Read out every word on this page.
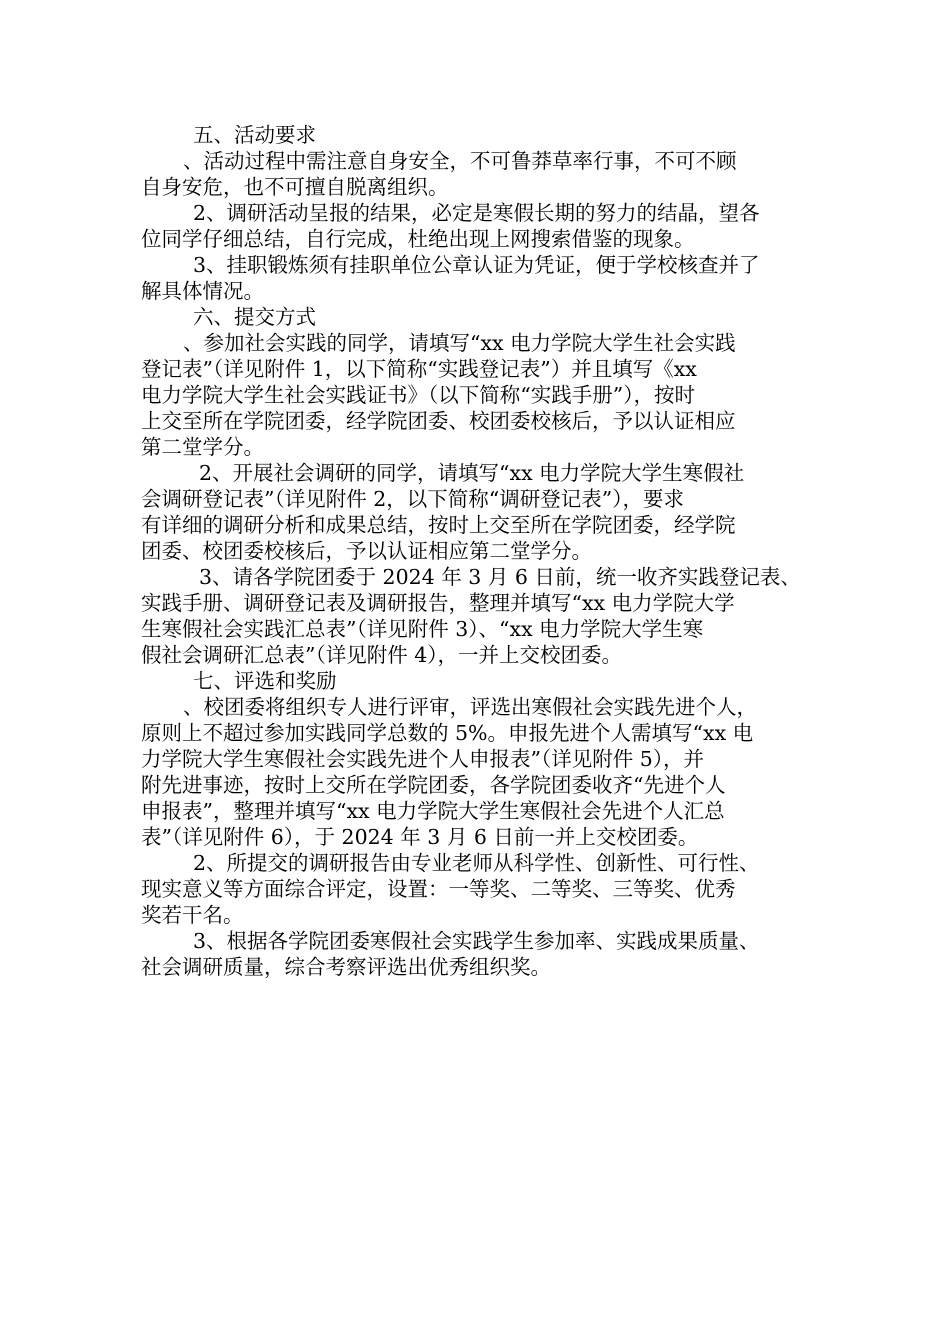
五、活动要求
、活动过程中需注意自身安全，不可鲁莽草率行事，不可不顾
自身安危，也不可擅自脱离组织。
2、调研活动呈报的结果，必定是寒假长期的努力的结晶，望各
位同学仔细总结，自行完成，杜绝出现上网搜索借鉴的现象。
3、挂职锻炼须有挂职单位公章认证为凭证，便于学校核查并了
解具体情况。
六、提交方式
、参加社会实践的同学，请填写“xx 电力学院大学生社会实践
登记表”（详见附件 1，以下简称“实践登记表”）并且填写《xx
电力学院大学生社会实践证书》（以下简称“实践手册”），按时
上交至所在学院团委，经学院团委、校团委校核后，予以认证相应
第二堂学分。
2、开展社会调研的同学，请填写“xx 电力学院大学生寒假社
会调研登记表”（详见附件 2，以下简称“调研登记表”），要求
有详细的调研分析和成果总结，按时上交至所在学院团委，经学院
团委、校团委校核后，予以认证相应第二堂学分。
3、请各学院团委于 2024 年 3 月 6 日前，统一收齐实践登记表、
实践手册、调研登记表及调研报告，整理并填写“xx 电力学院大学
生寒假社会实践汇总表”（详见附件 3）、“xx 电力学院大学生寒
假社会调研汇总表”（详见附件 4），一并上交校团委。
七、评选和奖励
、校团委将组织专人进行评审，评选出寒假社会实践先进个人，
原则上不超过参加实践同学总数的 5%。申报先进个人需填写“xx 电
力学院大学生寒假社会实践先进个人申报表”（详见附件 5），并
附先进事迹，按时上交所在学院团委，各学院团委收齐“先进个人
申报表”，整理并填写“xx 电力学院大学生寒假社会先进个人汇总
表”（详见附件 6），于 2024 年 3 月 6 日前一并上交校团委。
2、所提交的调研报告由专业老师从科学性、创新性、可行性、
现实意义等方面综合评定，设置：一等奖、二等奖、三等奖、优秀
奖若干名。
3、根据各学院团委寒假社会实践学生参加率、实践成果质量、
社会调研质量，综合考察评选出优秀组织奖。
